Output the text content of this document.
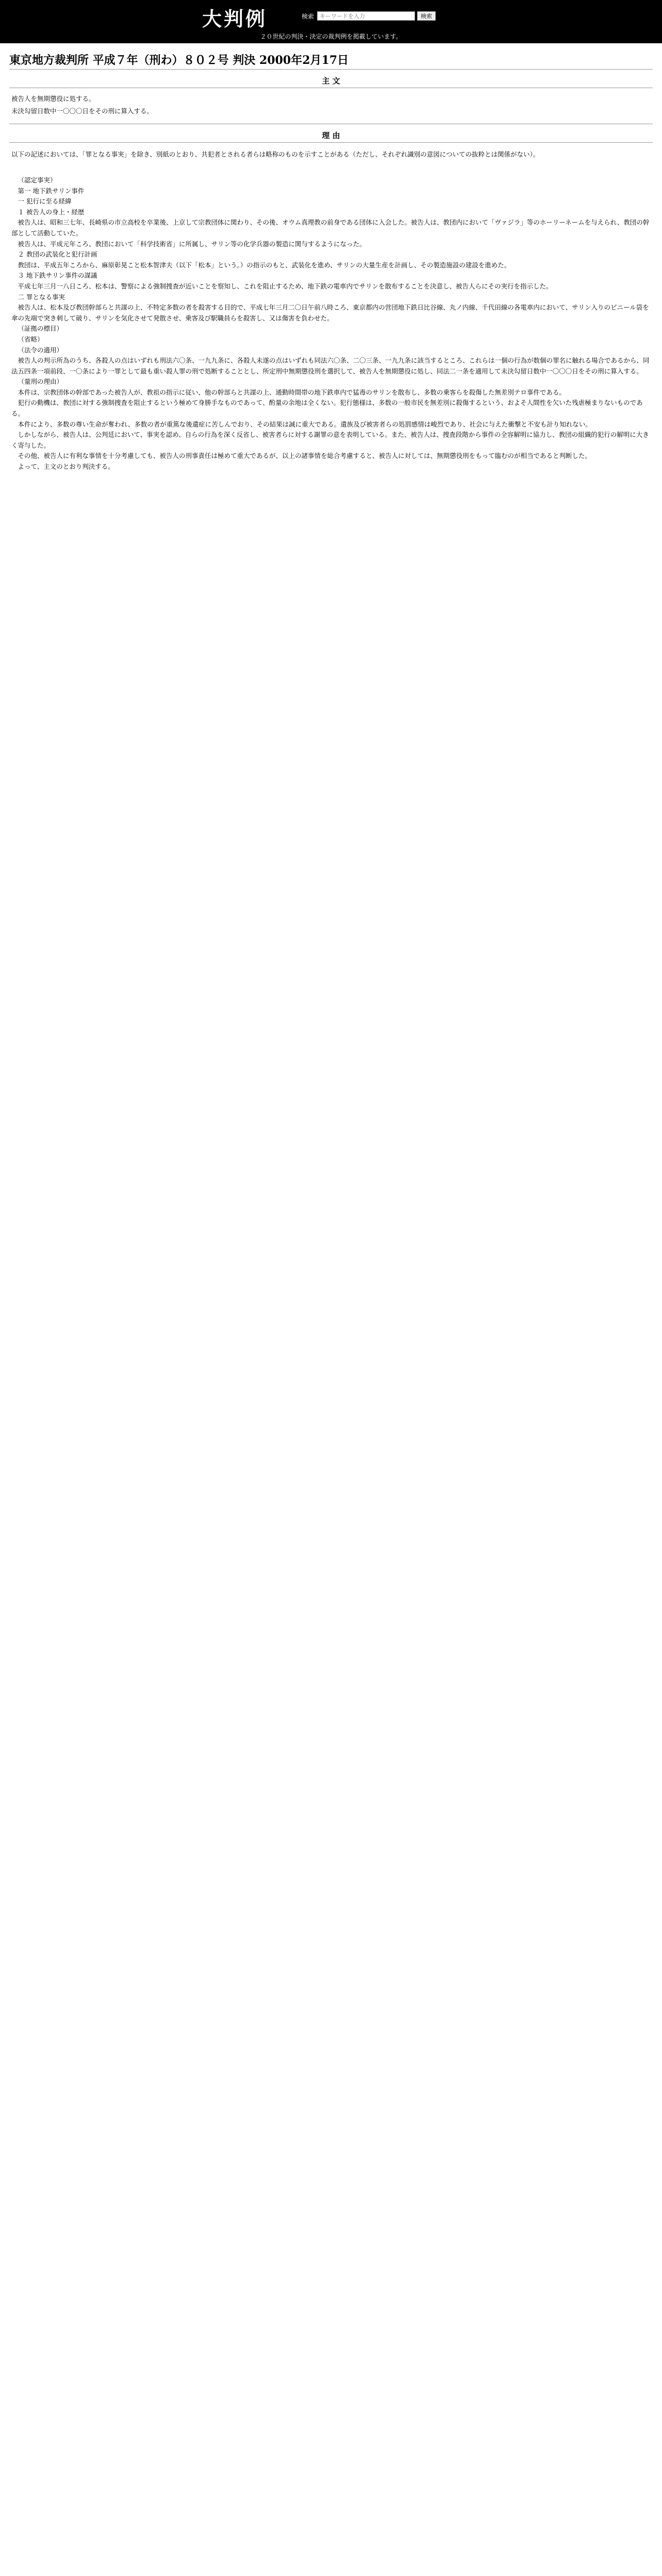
大判例	検索
キーワードを入力	検索
２０世紀の判決・決定の裁判例を掲載しています。
東京地方裁判所 平成７年（刑わ）８０２号 判決 2000年2月17日
主 文
被告人を無期懲役に処する。
未決勾留日数中一〇〇〇日をその刑に算入する。
理 由
以下の記述においては、「罪となる事実」を除き、別紙のとおり、共犯者とされる者らは略称のものを示すことがある（ただし、それぞれ識別の意図についての抜粋とは関係がない）。

（認定事実）

第一 地下鉄サリン事件

一 犯行に至る経緯

１ 被告人の身上・経歴

被告人は、昭和三七年、長崎県の市立高校を卒業後、上京して宗教団体に関わり、その後、オウム真理教の前身である団体に入会した。被告人は、教団内において「ヴァジラ」等のホーリーネームを与えられ、教団の幹部として活動していた。

被告人は、平成元年ころ、教団において「科学技術省」に所属し、サリン等の化学兵器の製造に関与するようになった。

２ 教団の武装化と犯行計画

教団は、平成五年ころから、麻原彰晃こと松本智津夫（以下「松本」という。）の指示のもと、武装化を進め、サリンの大量生産を計画し、その製造施設の建設を進めた。

３ 地下鉄サリン事件の謀議

平成七年三月一八日ころ、松本は、警察による強制捜査が近いことを察知し、これを阻止するため、地下鉄の電車内でサリンを散布することを決意し、被告人らにその実行を指示した。

二 罪となる事実

被告人は、松本及び教団幹部らと共謀の上、不特定多数の者を殺害する目的で、平成七年三月二〇日午前八時ころ、東京都内の営団地下鉄日比谷線、丸ノ内線、千代田線の各電車内において、サリン入りのビニール袋を傘の先端で突き刺して破り、サリンを気化させて発散させ、乗客及び駅職員らを殺害し、又は傷害を負わせた。

（証拠の標目）

（省略）

（法令の適用）

被告人の判示所為のうち、各殺人の点はいずれも刑法六〇条、一九九条に、各殺人未遂の点はいずれも同法六〇条、二〇三条、一九九条に該当するところ、これらは一個の行為が数個の罪名に触れる場合であるから、同法五四条一項前段、一〇条により一罪として最も重い殺人罪の刑で処断することとし、所定刑中無期懲役刑を選択して、被告人を無期懲役に処し、同法二一条を適用して未決勾留日数中一〇〇〇日をその刑に算入する。

（量刑の理由）

本件は、宗教団体の幹部であった被告人が、教祖の指示に従い、他の幹部らと共謀の上、通勤時間帯の地下鉄車内で猛毒のサリンを散布し、多数の乗客らを殺傷した無差別テロ事件である。

犯行の動機は、教団に対する強制捜査を阻止するという極めて身勝手なものであって、酌量の余地は全くない。犯行態様は、多数の一般市民を無差別に殺傷するという、およそ人間性を欠いた残虐極まりないものである。

本件により、多数の尊い生命が奪われ、多数の者が重篤な後遺症に苦しんでおり、その結果は誠に重大である。遺族及び被害者らの処罰感情は峻烈であり、社会に与えた衝撃と不安も計り知れない。

しかしながら、被告人は、公判廷において、事実を認め、自らの行為を深く反省し、被害者らに対する謝罪の意を表明している。また、被告人は、捜査段階から事件の全容解明に協力し、教団の組織的犯行の解明に大きく寄与した。

その他、被告人に有利な事情を十分考慮しても、被告人の刑事責任は極めて重大であるが、以上の諸事情を総合考慮すると、被告人に対しては、無期懲役刑をもって臨むのが相当であると判断した。

よって、主文のとおり判決する。
